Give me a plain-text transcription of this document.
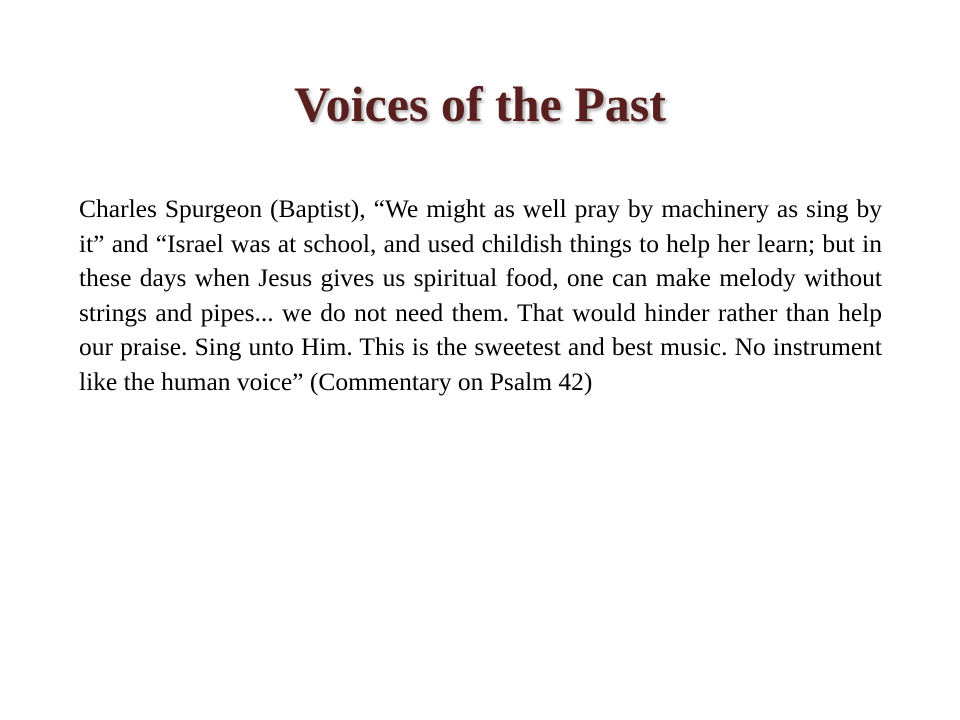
Voices of the Past

Charles Spurgeon (Baptist), “We might as well pray by machinery as sing by it” and “Israel was at school, and used childish things to help her learn; but in these days when Jesus gives us spiritual food, one can make melody without strings and pipes... we do not need them. That would hinder rather than help our praise. Sing unto Him. This is the sweetest and best music. No instrument like the human voice” (Commentary on Psalm 42)
